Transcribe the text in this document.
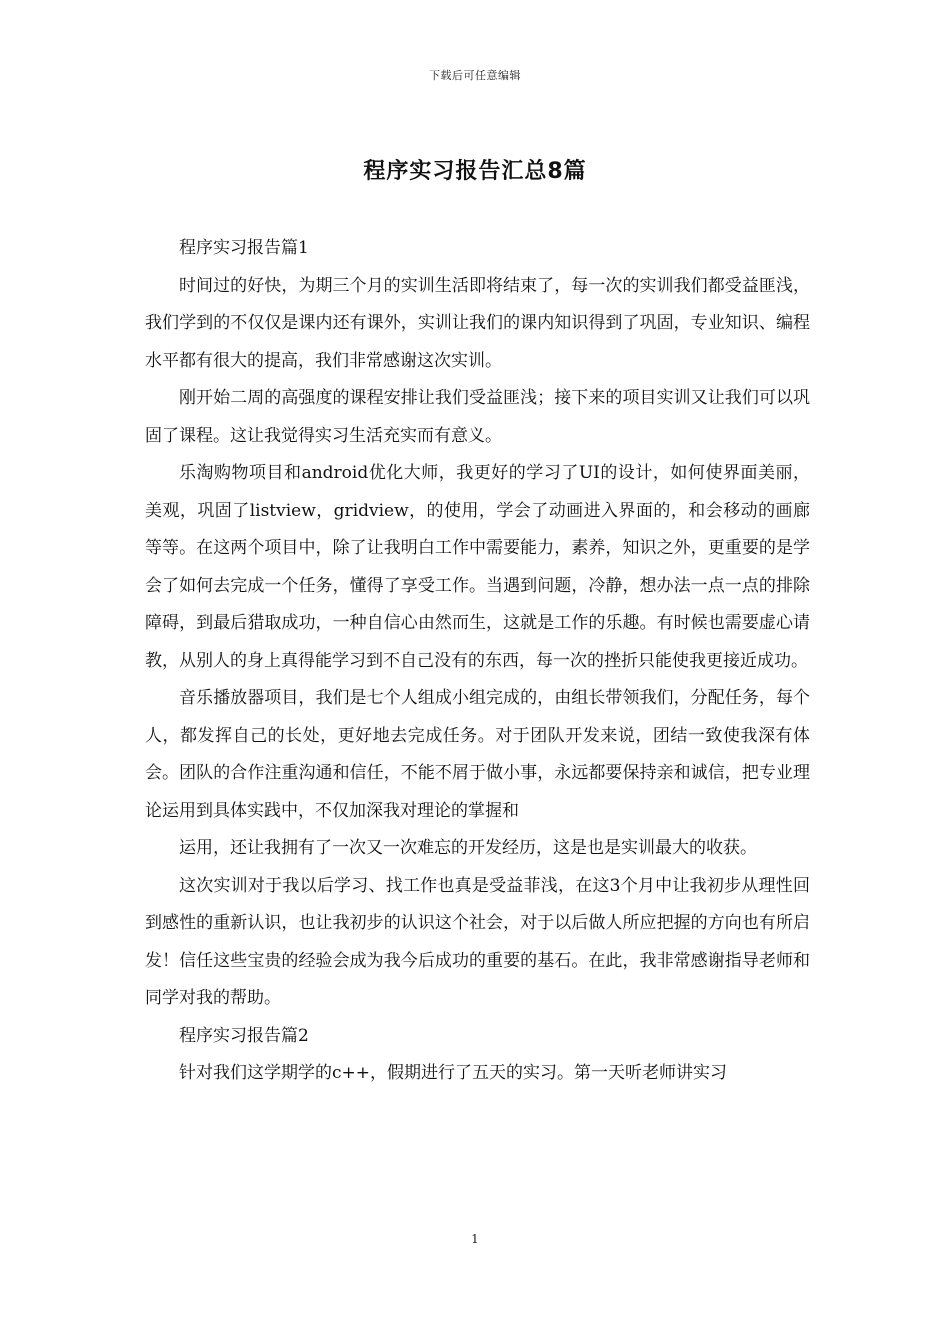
下载后可任意编辑
程序实习报告汇总8篇

程序实习报告篇1

时间过的好快，为期三个月的实训生活即将结束了，每一次的实训我们都受益匪浅，我们学到的不仅仅是课内还有课外，实训让我们的课内知识得到了巩固，专业知识、编程水平都有很大的提高，我们非常感谢这次实训。

刚开始二周的高强度的课程安排让我们受益匪浅；接下来的项目实训又让我们可以巩固了课程。这让我觉得实习生活充实而有意义。

乐淘购物项目和android优化大师，我更好的学习了UI的设计，如何使界面美丽，美观，巩固了listview，gridview，的使用，学会了动画进入界面的，和会移动的画廊等等。在这两个项目中，除了让我明白工作中需要能力，素养，知识之外，更重要的是学会了如何去完成一个任务，懂得了享受工作。当遇到问题，冷静，想办法一点一点的排除障碍，到最后猎取成功，一种自信心由然而生，这就是工作的乐趣。有时候也需要虚心请教，从别人的身上真得能学习到不自己没有的东西，每一次的挫折只能使我更接近成功。

音乐播放器项目，我们是七个人组成小组完成的，由组长带领我们，分配任务，每个人，都发挥自己的长处，更好地去完成任务。对于团队开发来说，团结一致使我深有体会。团队的合作注重沟通和信任，不能不屑于做小事，永远都要保持亲和诚信，把专业理论运用到具体实践中，不仅加深我对理论的掌握和

运用，还让我拥有了一次又一次难忘的开发经历，这是也是实训最大的收获。

这次实训对于我以后学习、找工作也真是受益菲浅，在这3个月中让我初步从理性回到感性的重新认识，也让我初步的认识这个社会，对于以后做人所应把握的方向也有所启发！信任这些宝贵的经验会成为我今后成功的重要的基石。在此，我非常感谢指导老师和同学对我的帮助。

程序实习报告篇2

针对我们这学期学的c++，假期进行了五天的实习。第一天听老师讲实习

1
